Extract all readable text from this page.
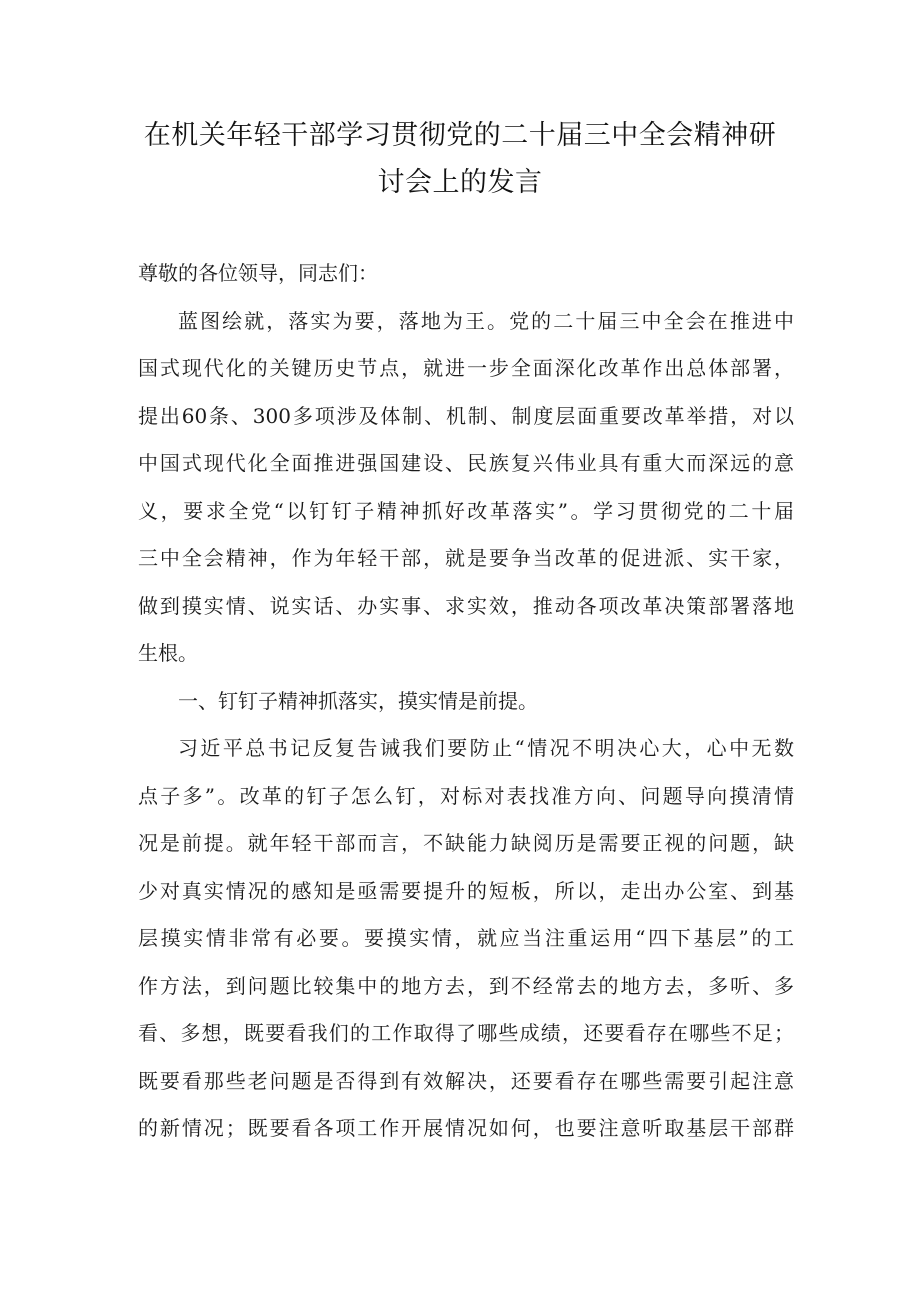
在机关年轻干部学习贯彻党的二十届三中全会精神研
讨会上的发言

尊敬的各位领导，同志们：

蓝图绘就，落实为要，落地为王。党的二十届三中全会在推进中
国式现代化的关键历史节点，就进一步全面深化改革作出总体部署，
提出60条、300多项涉及体制、机制、制度层面重要改革举措，对以
中国式现代化全面推进强国建设、民族复兴伟业具有重大而深远的意
义，要求全党“以钉钉子精神抓好改革落实”。学习贯彻党的二十届
三中全会精神，作为年轻干部，就是要争当改革的促进派、实干家，
做到摸实情、说实话、办实事、求实效，推动各项改革决策部署落地
生根。

一、钉钉子精神抓落实，摸实情是前提。

习近平总书记反复告诫我们要防止“情况不明决心大，心中无数
点子多”。改革的钉子怎么钉，对标对表找准方向、问题导向摸清情
况是前提。就年轻干部而言，不缺能力缺阅历是需要正视的问题，缺
少对真实情况的感知是亟需要提升的短板，所以，走出办公室、到基
层摸实情非常有必要。要摸实情，就应当注重运用“四下基层”的工
作方法，到问题比较集中的地方去，到不经常去的地方去，多听、多
看、多想，既要看我们的工作取得了哪些成绩，还要看存在哪些不足；
既要看那些老问题是否得到有效解决，还要看存在哪些需要引起注意
的新情况；既要看各项工作开展情况如何，也要注意听取基层干部群
